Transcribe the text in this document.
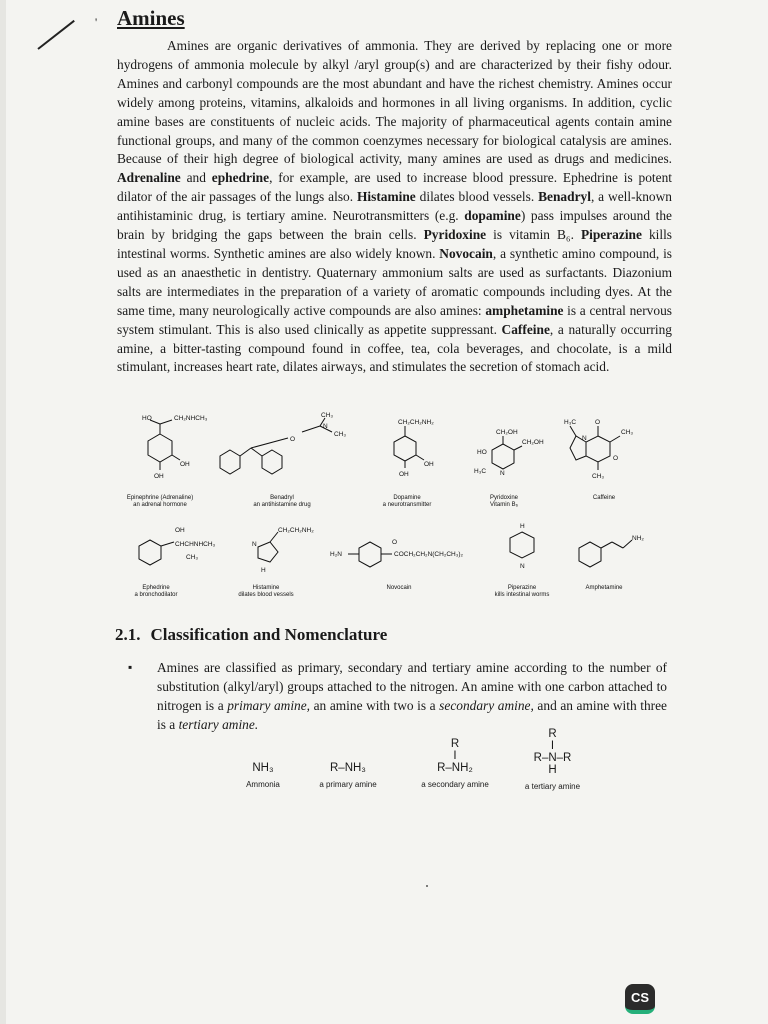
' Amines

Amines are organic derivatives of ammonia. They are derived by replacing one or more hydrogens of ammonia molecule by alkyl /aryl group(s) and are characterized by their fishy odour. Amines and carbonyl compounds are the most abundant and have the richest chemistry. Amines occur widely among proteins, vitamins, alkaloids and hormones in all living organisms. In addition, cyclic amine bases are constituents of nucleic acids. The majority of pharmaceutical agents contain amine functional groups, and many of the common coenzymes necessary for biological catalysis are amines. Because of their high degree of biological activity, many amines are used as drugs and medicines. Adrenaline and ephedrine, for example, are used to increase blood pressure. Ephedrine is potent dilator of the air passages of the lungs also. Histamine dilates blood vessels. Benadryl, a well-known antihistaminic drug, is tertiary amine. Neurotransmitters (e.g. dopamine) pass impulses around the brain by bridging the gaps between the brain cells. Pyridoxine is vitamin B₆. Piperazine kills intestinal worms. Synthetic amines are also widely known. Novocain, a synthetic amino compound, is used as an anaesthetic in dentistry. Quaternary ammonium salts are used as surfactants. Diazonium salts are intermediates in the preparation of a variety of aromatic compounds including dyes. At the same time, many neurologically active compounds are also amines: amphetamine is a central nervous system stimulant. This is also used clinically as appetite suppressant. Caffeine, a naturally occurring amine, a bitter-tasting compound found in coffee, tea, cola beverages, and chocolate, is a mild stimulant, increases heart rate, dilates airways, and stimulates the secretion of stomach acid.

HO	CH₂NHCH₃
OH
OH
CH₃
N
CH₃
O
CH₂CH₂NH₂
OH
OH
CH₂OH
CH₂OH
HO
H₃C N
H₃C	O
CH₃
CH₃
O
N
OH
CHCHNHCH₃
CH₃
CH₂CH₂NH₂
N
H
H₂N
O
COCH₂CH₂N(CH₂CH₃)₂
H
N
NH₂
Epinephrine (Adrenaline)
an adrenal hormone
Benadryl
an antihistamine drug
Dopamine
a neurotransmitter
Pyridoxine
Vitamin B₆
Caffeine
Ephedrine
a bronchodilator
Histamine
dilates blood vessels
Novocain	Piperazine
kills intestinal worms
Amphetamine
2.1. Classification and Nomenclature
▪ Amines are classified as primary, secondary and tertiary amine according to the number of substitution (alkyl/aryl) groups attached to the nitrogen. An amine with one carbon attached to nitrogen is a primary amine, an amine with two is a secondary amine, and an amine with three is a tertiary amine.

NH₃
Ammonia
R–NH₃
a primary amine
R
I
R–NH₂
a secondary amine
R
I
R–N–R
H
a tertiary amine
CS
